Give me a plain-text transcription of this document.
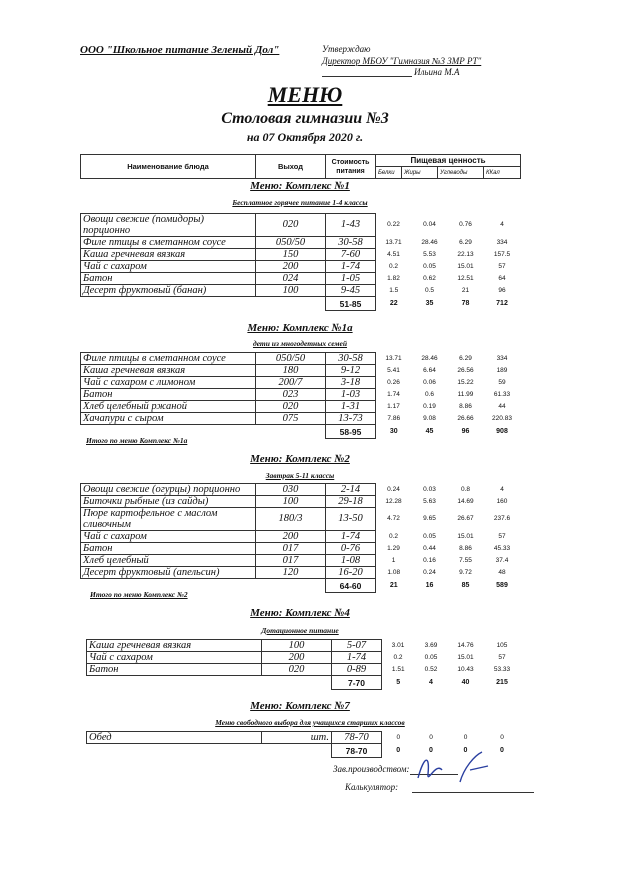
ООО "Школьное питание Зеленый Дол"	Утверждаю
Директор МБОУ "Гимназия №3 ЗМР РТ"
Ильина М.А
МЕНЮ
Столовая гимназии №3
на 07 Октября 2020 г.
Наименование блюда	Выход	Стоимость питания	Пищевая ценность			
			Белки	Жиры	Углеводы	ККал
Меню: Комплекс №1
Бесплатное горячее питание 1-4 классы
Овощи свежие (помидоры) порционно	020	1-43	0.22	0.04	0.76	4
Филе птицы в сметанном соусе	050/50	30-58	13.71	28.46	6.29	334
Каша гречневая вязкая	150	7-60	4.51	5.53	22.13	157.5
Чай с сахаром	200	1-74	0.2	0.05	15.01	57
Батон	024	1-05	1.82	0.62	12.51	64
Десерт фруктовый (банан)	100	9-45	1.5	0.5	21	96
		51-85	22	35	78	712
Меню: Комплекс №1а
дети из многодетных семей
Филе птицы в сметанном соусе	050/50	30-58	13.71	28.46	6.29	334
Каша гречневая вязкая	180	9-12	5.41	6.64	26.56	189
Чай с сахаром с лимоном	200/7	3-18	0.26	0.06	15.22	59
Батон	023	1-03	1.74	0.6	11.99	61.33
Хлеб целебный ржаной	020	1-31	1.17	0.19	8.86	44
Хачапури с сыром	075	13-73	7.86	9.08	26.66	220.83
		58-95	30	45	96	908
Итого по меню Комплекс №1а
Меню: Комплекс №2
Завтрак 5-11 классы
Овощи свежие (огурцы) порционно	030	2-14	0.24	0.03	0.8	4
Биточки рыбные (из сайды)	100	29-18	12.28	5.63	14.69	160
Пюре картофельное с маслом сливочным	180/3	13-50	4.72	9.65	26.67	237.6
Чай с сахаром	200	1-74	0.2	0.05	15.01	57
Батон	017	0-76	1.29	0.44	8.86	45.33
Хлеб целебный	017	1-08	1	0.16	7.55	37.4
Десерт фруктовый (апельсин)	120	16-20	1.08	0.24	9.72	48
		64-60	21	16	85	589
Итого по меню Комплекс №2
Меню: Комплекс №4
Дотационное питание
Каша гречневая вязкая	100	5-07	3.01	3.69	14.76	105
Чай с сахаром	200	1-74	0.2	0.05	15.01	57
Батон	020	0-89	1.51	0.52	10.43	53.33
		7-70	5	4	40	215
Меню: Комплекс №7
Меню свободного выбора для учащихся старших классов
Обед	шт.	78-70	0	0	0	0
		78-70	0	0	0	0
Зав.производством:
Калькулятор:
